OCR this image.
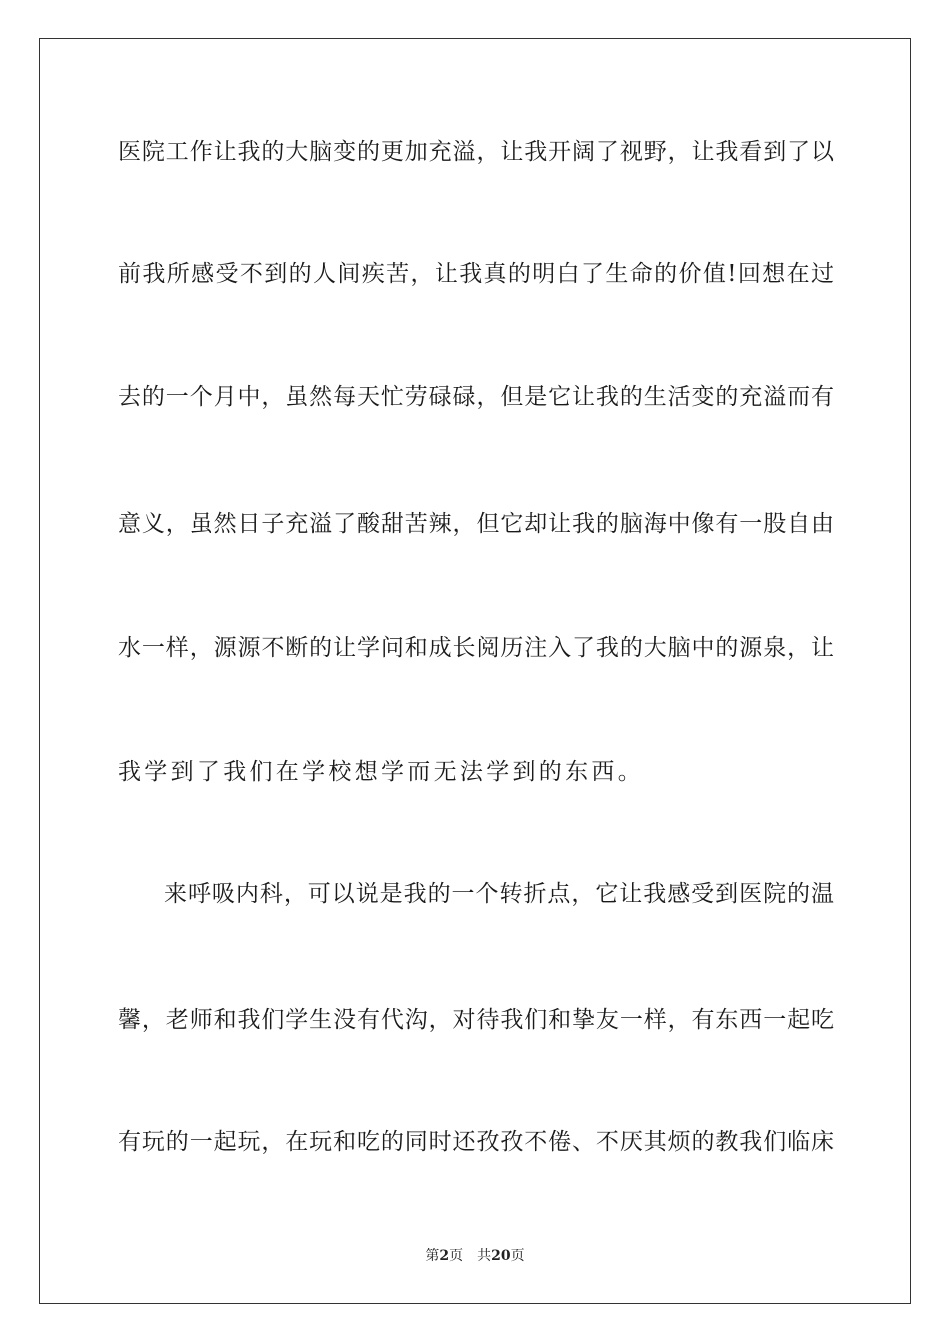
医院工作让我的大脑变的更加充溢，让我开阔了视野，让我看到了以
前我所感受不到的人间疾苦，让我真的明白了生命的价值!回想在过
去的一个月中，虽然每天忙劳碌碌，但是它让我的生活变的充溢而有
意义，虽然日子充溢了酸甜苦辣，但它却让我的脑海中像有一股自由
水一样，源源不断的让学问和成长阅历注入了我的大脑中的源泉，让
我学到了我们在学校想学而无法学到的东西。
来呼吸内科，可以说是我的一个转折点，它让我感受到医院的温
馨，老师和我们学生没有代沟，对待我们和挚友一样，有东西一起吃
有玩的一起玩，在玩和吃的同时还孜孜不倦、不厌其烦的教我们临床
第2页 共20页
